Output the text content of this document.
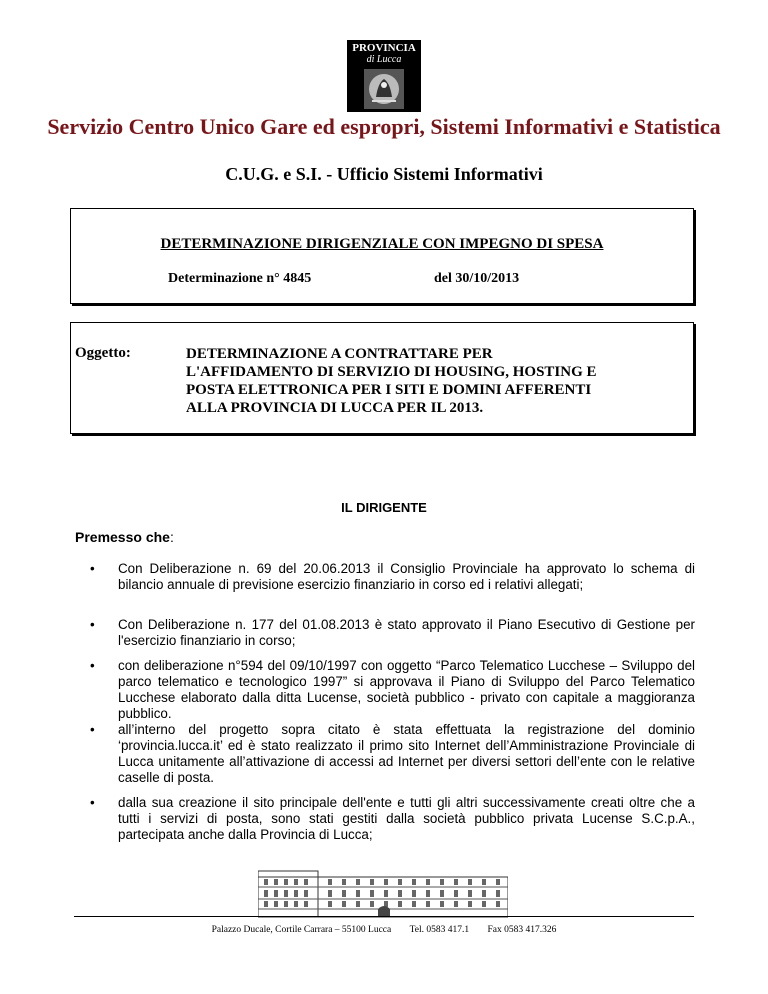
PROVINCIA
di Lucca
Servizio Centro Unico Gare ed espropri, Sistemi Informativi e Statistica
C.U.G. e S.I. - Ufficio Sistemi Informativi
DETERMINAZIONE DIRIGENZIALE CON IMPEGNO DI SPESA
Determinazione n° 4845	del 30/10/2013
Oggetto:	DETERMINAZIONE A CONTRATTARE PER
L'AFFIDAMENTO DI SERVIZIO DI HOUSING, HOSTING E
POSTA ELETTRONICA PER I SITI E DOMINI AFFERENTI
ALLA PROVINCIA DI LUCCA PER IL 2013.
IL DIRIGENTE
Premesso che:
• Con Deliberazione n. 69 del 20.06.2013 il Consiglio Provinciale ha approvato lo schema di bilancio annuale di previsione esercizio finanziario in corso ed i relativi allegati;
• Con Deliberazione n. 177 del 01.08.2013 è stato approvato il Piano Esecutivo di Gestione per l'esercizio finanziario in corso;
• con deliberazione n°594 del 09/10/1997 con oggetto “Parco Telematico Lucchese – Sviluppo del parco telematico e tecnologico 1997” si approvava il Piano di Sviluppo del Parco Telematico Lucchese elaborato dalla ditta Lucense, società pubblico - privato con capitale a maggioranza pubblico.
• all’interno del progetto sopra citato è stata effettuata la registrazione del dominio ‘provincia.lucca.it’ ed è stato realizzato il primo sito Internet dell’Amministrazione Provinciale di Lucca unitamente all’attivazione di accessi ad Internet per diversi settori dell’ente con le relative caselle di posta.
• dalla sua creazione il sito principale dell'ente e tutti gli altri successivamente creati oltre che a tutti i servizi di posta, sono stati gestiti dalla società pubblico privata Lucense S.C.p.A., partecipata anche dalla Provincia di Lucca;
Palazzo Ducale, Cortile Carrara – 55100 Lucca Tel. 0583 417.1 Fax 0583 417.326
